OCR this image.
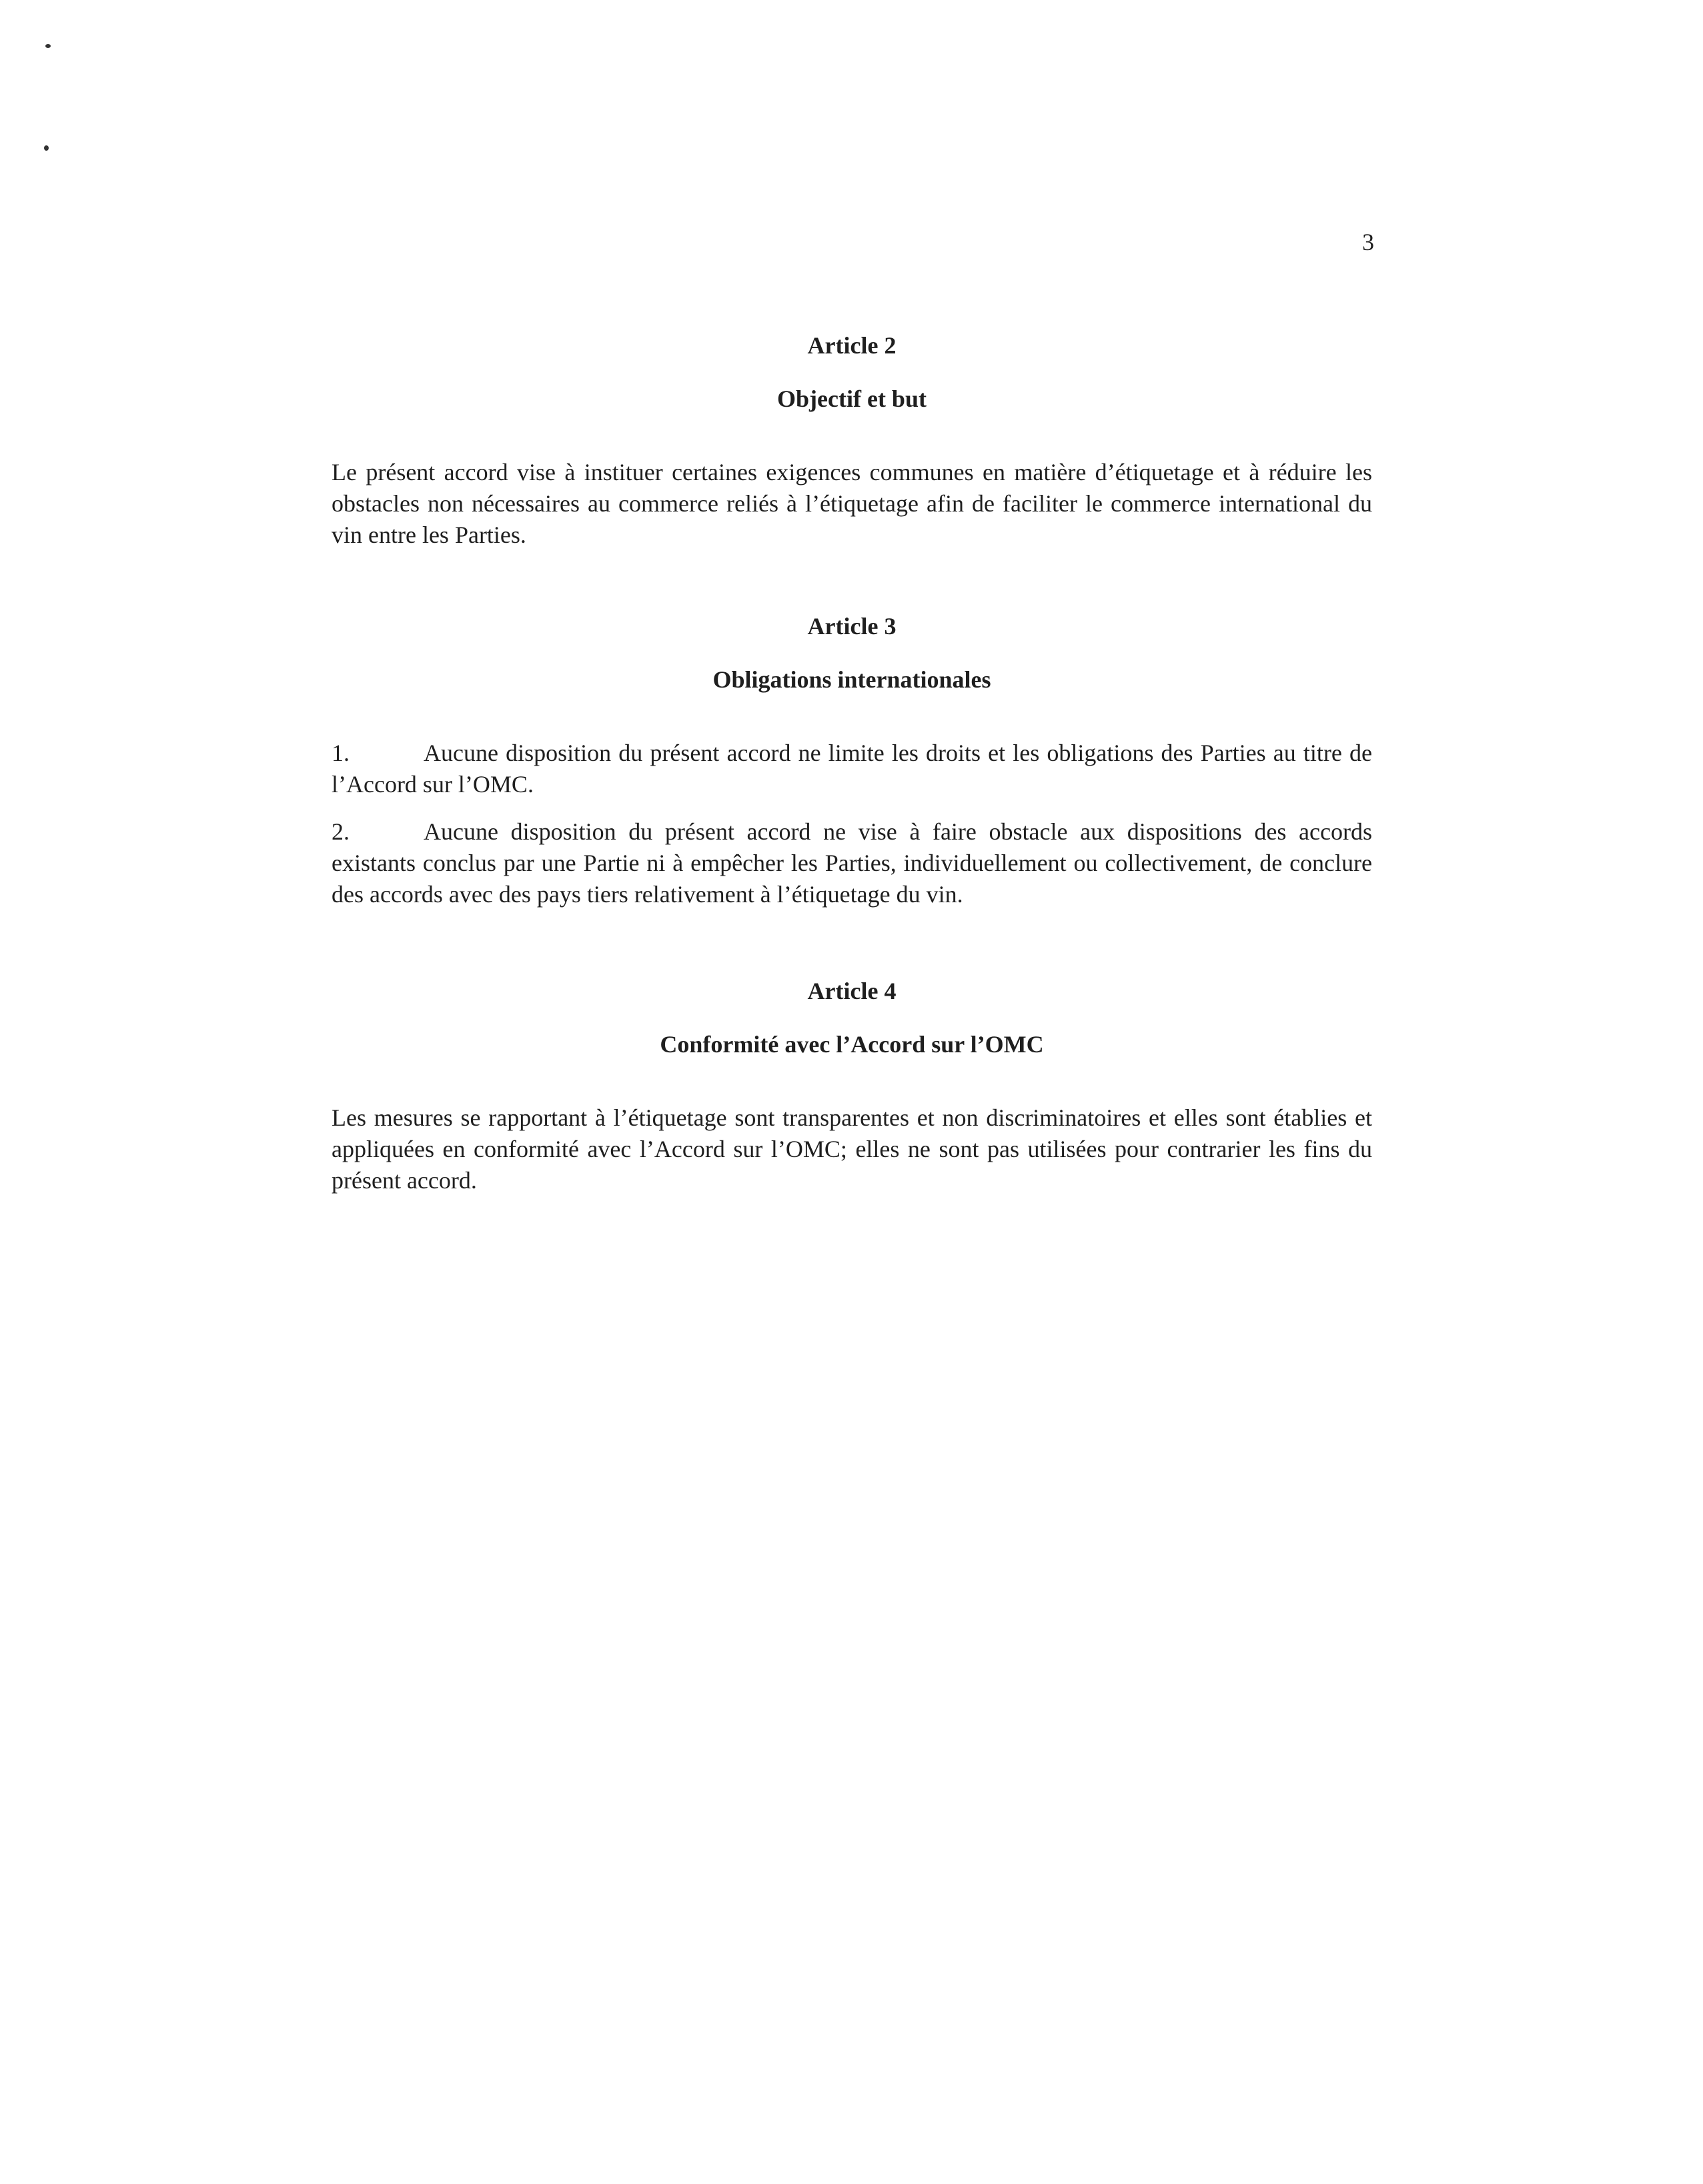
3
Article 2
Objectif et but

Le présent accord vise à instituer certaines exigences communes en matière d’étiquetage et à réduire les obstacles non nécessaires au commerce reliés à l’étiquetage afin de faciliter le commerce international du vin entre les Parties.

Article 3
Obligations internationales

1.	Aucune disposition du présent accord ne limite les droits et les obligations des Parties au titre de l’Accord sur l’OMC.

2.	Aucune disposition du présent accord ne vise à faire obstacle aux dispositions des accords existants conclus par une Partie ni à empêcher les Parties, individuellement ou collectivement, de conclure des accords avec des pays tiers relativement à l’étiquetage du vin.

Article 4
Conformité avec l’Accord sur l’OMC

Les mesures se rapportant à l’étiquetage sont transparentes et non discriminatoires et elles sont établies et appliquées en conformité avec l’Accord sur l’OMC; elles ne sont pas utilisées pour contrarier les fins du présent accord.
